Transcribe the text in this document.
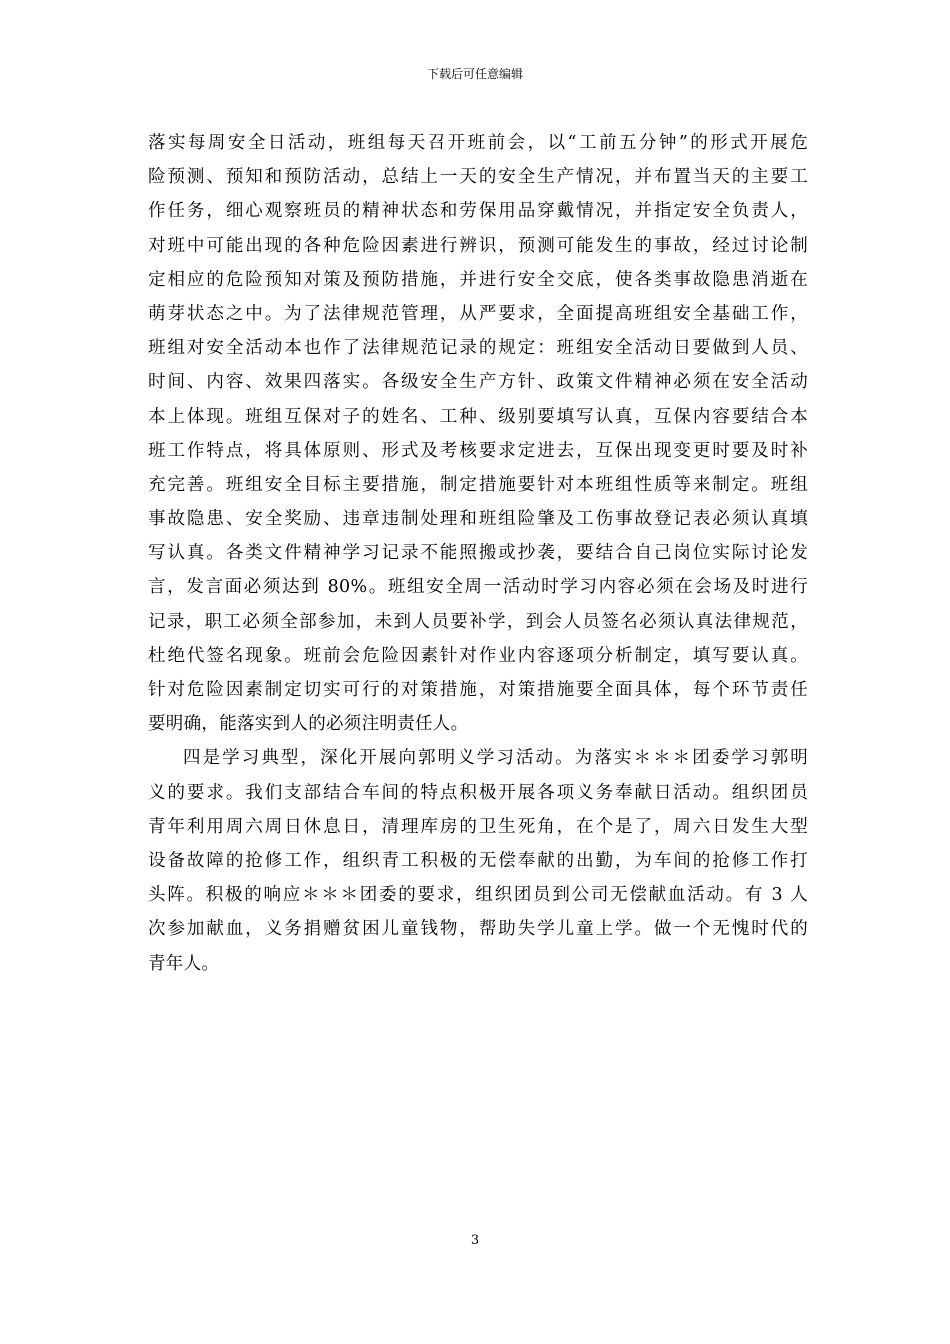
下载后可任意编辑
落实每周安全日活动，班组每天召开班前会，以“工前五分钟”的形式开展危
险预测、预知和预防活动，总结上一天的安全生产情况，并布置当天的主要工
作任务，细心观察班员的精神状态和劳保用品穿戴情况，并指定安全负责人，
对班中可能出现的各种危险因素进行辨识，预测可能发生的事故，经过讨论制
定相应的危险预知对策及预防措施，并进行安全交底，使各类事故隐患消逝在
萌芽状态之中。为了法律规范管理，从严要求，全面提高班组安全基础工作，
班组对安全活动本也作了法律规范记录的规定：班组安全活动日要做到人员、
时间、内容、效果四落实。各级安全生产方针、政策文件精神必须在安全活动
本上体现。班组互保对子的姓名、工种、级别要填写认真，互保内容要结合本
班工作特点，将具体原则、形式及考核要求定进去，互保出现变更时要及时补
充完善。班组安全目标主要措施，制定措施要针对本班组性质等来制定。班组
事故隐患、安全奖励、违章违制处理和班组险肇及工伤事故登记表必须认真填
写认真。各类文件精神学习记录不能照搬或抄袭，要结合自己岗位实际讨论发
言，发言面必须达到 80%。班组安全周一活动时学习内容必须在会场及时进行
记录，职工必须全部参加，未到人员要补学，到会人员签名必须认真法律规范，
杜绝代签名现象。班前会危险因素针对作业内容逐项分析制定，填写要认真。
针对危险因素制定切实可行的对策措施，对策措施要全面具体，每个环节责任
要明确，能落实到人的必须注明责任人。
四是学习典型，深化开展向郭明义学习活动。为落实＊＊＊团委学习郭明
义的要求。我们支部结合车间的特点积极开展各项义务奉献日活动。组织团员
青年利用周六周日休息日，清理库房的卫生死角，在个是了，周六日发生大型
设备故障的抢修工作，组织青工积极的无偿奉献的出勤，为车间的抢修工作打
头阵。积极的响应＊＊＊团委的要求，组织团员到公司无偿献血活动。有 3 人
次参加献血，义务捐赠贫困儿童钱物，帮助失学儿童上学。做一个无愧时代的
青年人。
3
